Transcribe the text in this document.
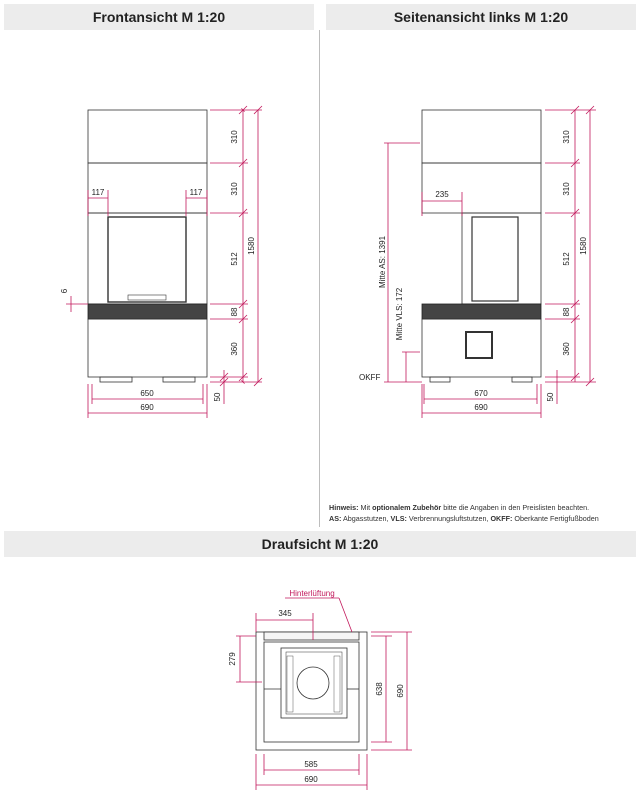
Frontansicht M 1:20	Seitenansicht links M 1:20
Draufsicht M 1:20
310
310
512
88
360
1580
50
117	117
6
650
690
310
310
512
88
360
1580
50
235
Mitte AS: 1391
Mitte VLS: 172
OKFF
670
690
Hinterlüftung
345
279
638 690
585
690
Hinweis: Mit optionalem Zubehör bitte die Angaben in den Preislisten beachten.
AS: Abgasstutzen, VLS: Verbrennungsluftstutzen, OKFF: Oberkante Fertigfußboden
